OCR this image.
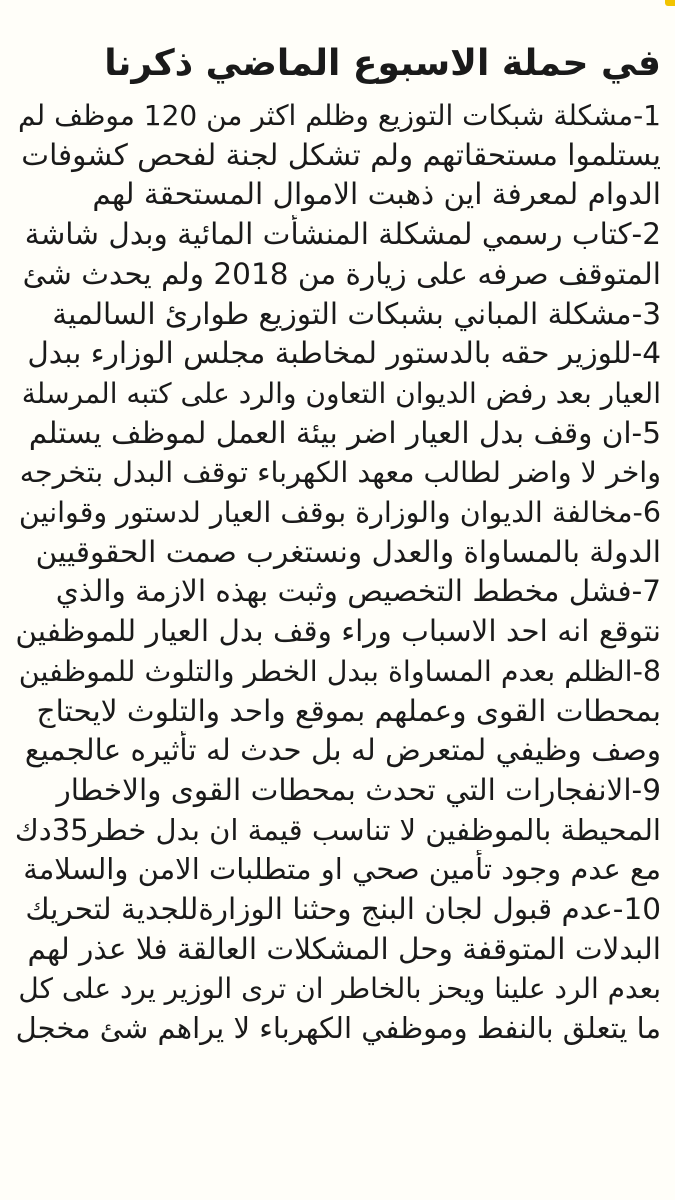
في حملة الاسبوع الماضي ذكرنا
1-مشكلة شبكات التوزيع وظلم اكثر من 120 موظف لم
يستلموا مستحقاتهم ولم تشكل لجنة لفحص كشوفات
الدوام لمعرفة اين ذهبت الاموال المستحقة لهم
2-كتاب رسمي لمشكلة المنشأت المائية وبدل شاشة
المتوقف صرفه على زيارة من 2018 ولم يحدث شئ
3-مشكلة المباني بشبكات التوزيع طوارئ السالمية
4-للوزير حقه بالدستور لمخاطبة مجلس الوزارء ببدل
العيار بعد رفض الديوان التعاون والرد على كتبه المرسلة
5-ان وقف بدل العيار اضر بيئة العمل لموظف يستلم
واخر لا واضر لطالب معهد الكهرباء توقف البدل بتخرجه
6-مخالفة الديوان والوزارة بوقف العيار لدستور وقوانين
الدولة بالمساواة والعدل ونستغرب صمت الحقوقيين
7-فشل مخطط التخصيص وثبت بهذه الازمة والذي
نتوقع انه احد الاسباب وراء وقف بدل العيار للموظفين
8-الظلم بعدم المساواة ببدل الخطر والتلوث للموظفين
بمحطات القوى وعملهم بموقع واحد والتلوث لايحتاج
وصف وظيفي لمتعرض له بل حدث له تأثيره عالجميع
9-الانفجارات التي تحدث بمحطات القوى والاخطار
المحيطة بالموظفين لا تناسب قيمة ان بدل خطر35دك
مع عدم وجود تأمين صحي او متطلبات الامن والسلامة
10-عدم قبول لجان البنج وحثنا الوزارةللجدية لتحريك
البدلات المتوقفة وحل المشكلات العالقة فلا عذر لهم
بعدم الرد علينا ويحز بالخاطر ان ترى الوزير يرد على كل
ما يتعلق بالنفط وموظفي الكهرباء لا يراهم شئ مخجل
